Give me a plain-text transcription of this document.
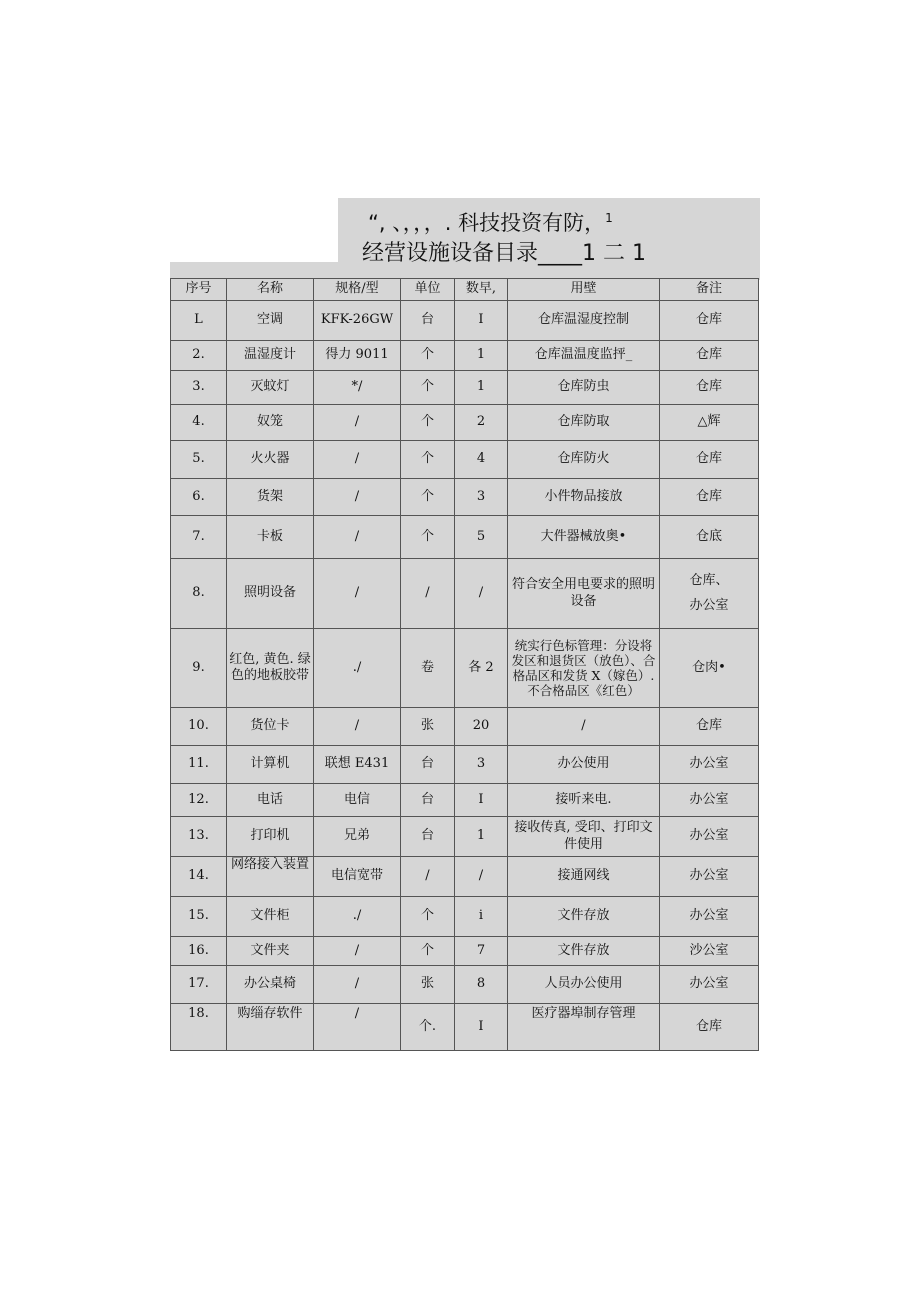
“, 、，，，. 科技投资有防，$^1$
经营设施设备目录____1 二 1
序号	名称	规格/型	单位	数早,	用壁	备注
L	空调	KFK-26GW	台	I	仓库温湿度控制	仓库
2.	温湿度计	得力 9011	个	1	仓库温温度监抨_	仓库
3.	灭蚊灯	*/	个	1	仓库防虫	仓库
4.	奴笼	/	个	2	仓库防取	△辉
5.	火火器	/	个	4	仓库防火	仓库
6.	货架	/	个	3	小件物品接放	仓库
7.	卡板	/	个	5	大件器械放奥•	仓底
8.	照明设备	/	/	/	符合安全用电要求的照明设备	仓库、
办公室
9.	红色, 黄色. 绿色的地板胶带	./	卷	各 2	统实行色标管理：分设将发区和退货区（放色）、合格品区和发货 X（嫁色）. 不合格品区《红色）	仓肉•
10.	货位卡	/	张	20	/	仓库
11.	计算机	联想 E431	台	3	办公使用	办公室
12.	电话	电信	台	I	接听来电.	办公室
13.	打印机	兄弟	台	1	接收传真, 受印、打印文件使用	办公室
14.	网络接入装置	电信宽带	/	/	接通网线	办公室
15.	文件柜	./	个	i	文件存放	办公室
16.	文件夹	/	个	7	文件存放	沙公室
17.	办公桌椅	/	张	8	人员办公使用	办公室
18.	购缁存软件	/	个.	I	医疗器埠制存管理	仓库
